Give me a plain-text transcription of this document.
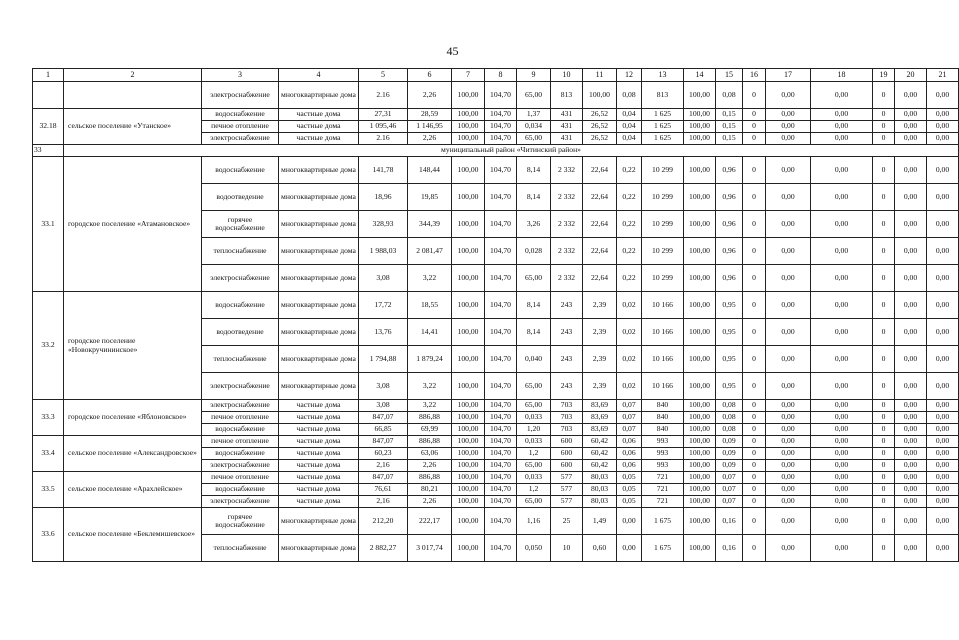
45
1	2	3	4	5	6	7	8	9	10	11	12	13	14	15	16	17	18	19	20	21
		электроснабжение	многоквартирные дома	2.16	2,26	100,00	104,70	65,00	813	100,00	0,08	813	100,00	0,08	0	0,00	0,00	0	0,00	0,00
32.18	сельское поселение «Утанское»	водоснабжение	частные дома	27,31	28,59	100,00	104,70	1,37	431	26,52	0,04	1 625	100,00	0,15	0	0,00	0,00	0	0,00	0,00
		печное отопление	частные дома	1 095,46	1 146,95	100,00	104,70	0,034	431	26,52	0,04	1 625	100,00	0,15	0	0,00	0,00	0	0,00	0,00
		электроснабжение	частные дома	2.16	2,26	100,00	104,70	65,00	431	26,52	0,04	1 625	100,00	0,15	0	0,00	0,00	0	0,00	0,00
33	муниципальный район «Читинский район»																			
33.1	городское поселение «Атамановское»	водоснабжение	многоквартирные дома	141,78	148,44	100,00	104,70	8,14	2 332	22,64	0,22	10 299	100,00	0,96	0	0,00	0,00	0	0,00	0,00
		водоотведение	многоквартирные дома	18,96	19,85	100,00	104,70	8,14	2 332	22,64	0,22	10 299	100,00	0,96	0	0,00	0,00	0	0,00	0,00
		горячее водоснабжение	многоквартирные дома	328,93	344,39	100,00	104,70	3,26	2 332	22,64	0,22	10 299	100,00	0,96	0	0,00	0,00	0	0,00	0,00
		теплоснабжение	многоквартирные дома	1 988,03	2 081,47	100,00	104,70	0,028	2 332	22,64	0,22	10 299	100,00	0,96	0	0,00	0,00	0	0,00	0,00
		электроснабжение	многоквартирные дома	3,08	3,22	100,00	104,70	65,00	2 332	22,64	0,22	10 299	100,00	0,96	0	0,00	0,00	0	0,00	0,00
33.2	городское поселение «Новокручининское»	водоснабжение	многоквартирные дома	17,72	18,55	100,00	104,70	8,14	243	2,39	0,02	10 166	100,00	0,95	0	0,00	0,00	0	0,00	0,00
		водоотведение	многоквартирные дома	13,76	14,41	100,00	104,70	8,14	243	2,39	0,02	10 166	100,00	0,95	0	0,00	0,00	0	0,00	0,00
		теплоснабжение	многоквартирные дома	1 794,88	1 879,24	100,00	104,70	0,040	243	2,39	0,02	10 166	100,00	0,95	0	0,00	0,00	0	0,00	0,00
		электроснабжение	многоквартирные дома	3,08	3,22	100,00	104,70	65,00	243	2,39	0,02	10 166	100,00	0,95	0	0,00	0,00	0	0,00	0,00
33.3	городское поселение «Яблоновское»	электроснабжение	частные дома	3,08	3,22	100,00	104,70	65,00	703	83,69	0,07	840	100,00	0,08	0	0,00	0,00	0	0,00	0,00
		печное отопление	частные дома	847,07	886,88	100,00	104,70	0,033	703	83,69	0,07	840	100,00	0,08	0	0,00	0,00	0	0,00	0,00
		водоснабжение	частные дома	66,85	69,99	100,00	104,70	1,20	703	83,69	0,07	840	100,00	0,08	0	0,00	0,00	0	0,00	0,00
33.4	сельское поселение «Александровское»	печное отопление	частные дома	847,07	886,88	100,00	104,70	0,033	600	60,42	0,06	993	100,00	0,09	0	0,00	0,00	0	0,00	0,00
		водоснабжение	частные дома	60,23	63,06	100,00	104,70	1,2	600	60,42	0,06	993	100,00	0,09	0	0,00	0,00	0	0,00	0,00
		электроснабжение	частные дома	2,16	2,26	100,00	104,70	65,00	600	60,42	0,06	993	100,00	0,09	0	0,00	0,00	0	0,00	0,00
33.5	сельское поселение «Арахлейское»	печное отопление	частные дома	847,07	886,88	100,00	104,70	0,033	577	80,03	0,05	721	100,00	0,07	0	0,00	0,00	0	0,00	0,00
		водоснабжение	частные дома	76,61	80,21	100,00	104,70	1,2	577	80,03	0,05	721	100,00	0,07	0	0,00	0,00	0	0,00	0,00
		электроснабжение	частные дома	2,16	2,26	100,00	104,70	65,00	577	80,03	0,05	721	100,00	0,07	0	0,00	0,00	0	0,00	0,00
33.6	сельское поселение «Беклемишевское»	горячее водоснабжение	многоквартирные дома	212,20	222,17	100,00	104,70	1,16	25	1,49	0,00	1 675	100,00	0,16	0	0,00	0,00	0	0,00	0,00
		теплоснабжение	многоквартирные дома	2 882,27	3 017,74	100,00	104,70	0,050	10	0,60	0,00	1 675	100,00	0,16	0	0,00	0,00	0	0,00	0,00
